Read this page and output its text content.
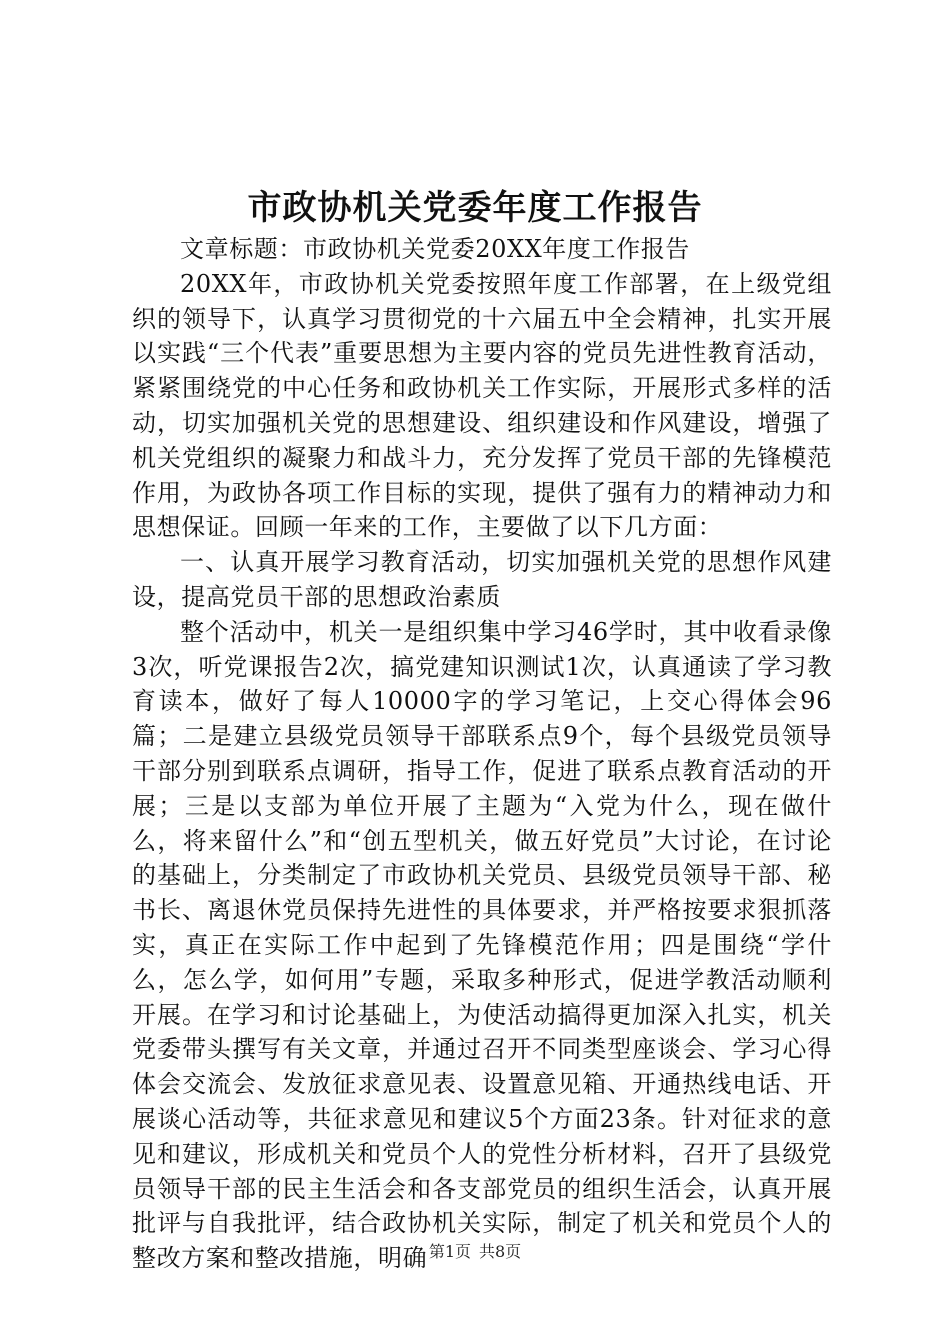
市政协机关党委年度工作报告

文章标题：市政协机关党委20XX年度工作报告

20XX年，市政协机关党委按照年度工作部署，在上级党组织的领导下，认真学习贯彻党的十六届五中全会精神，扎实开展以实践“三个代表”重要思想为主要内容的党员先进性教育活动，紧紧围绕党的中心任务和政协机关工作实际，开展形式多样的活动，切实加强机关党的思想建设、组织建设和作风建设，增强了机关党组织的凝聚力和战斗力，充分发挥了党员干部的先锋模范作用，为政协各项工作目标的实现，提供了强有力的精神动力和思想保证。回顾一年来的工作，主要做了以下几方面：

一、认真开展学习教育活动，切实加强机关党的思想作风建设，提高党员干部的思想政治素质

整个活动中，机关一是组织集中学习46学时，其中收看录像3次，听党课报告2次，搞党建知识测试1次，认真通读了学习教育读本，做好了每人10000字的学习笔记，上交心得体会96篇；二是建立县级党员领导干部联系点9个，每个县级党员领导干部分别到联系点调研，指导工作，促进了联系点教育活动的开展；三是以支部为单位开展了主题为“入党为什么，现在做什么，将来留什么”和“创五型机关，做五好党员”大讨论，在讨论的基础上，分类制定了市政协机关党员、县级党员领导干部、秘书长、离退休党员保持先进性的具体要求，并严格按要求狠抓落实，真正在实际工作中起到了先锋模范作用；四是围绕“学什么，怎么学，如何用”专题，采取多种形式，促进学教活动顺利开展。在学习和讨论基础上，为使活动搞得更加深入扎实，机关党委带头撰写有关文章，并通过召开不同类型座谈会、学习心得体会交流会、发放征求意见表、设置意见箱、开通热线电话、开展谈心活动等，共征求意见和建议5个方面23条。针对征求的意见和建议，形成机关和党员个人的党性分析材料，召开了县级党员领导干部的民主生活会和各支部党员的组织生活会，认真开展批评与自我批评，结合政协机关实际，制定了机关和党员个人的整改方案和整改措施，明确 第1页 共8页
